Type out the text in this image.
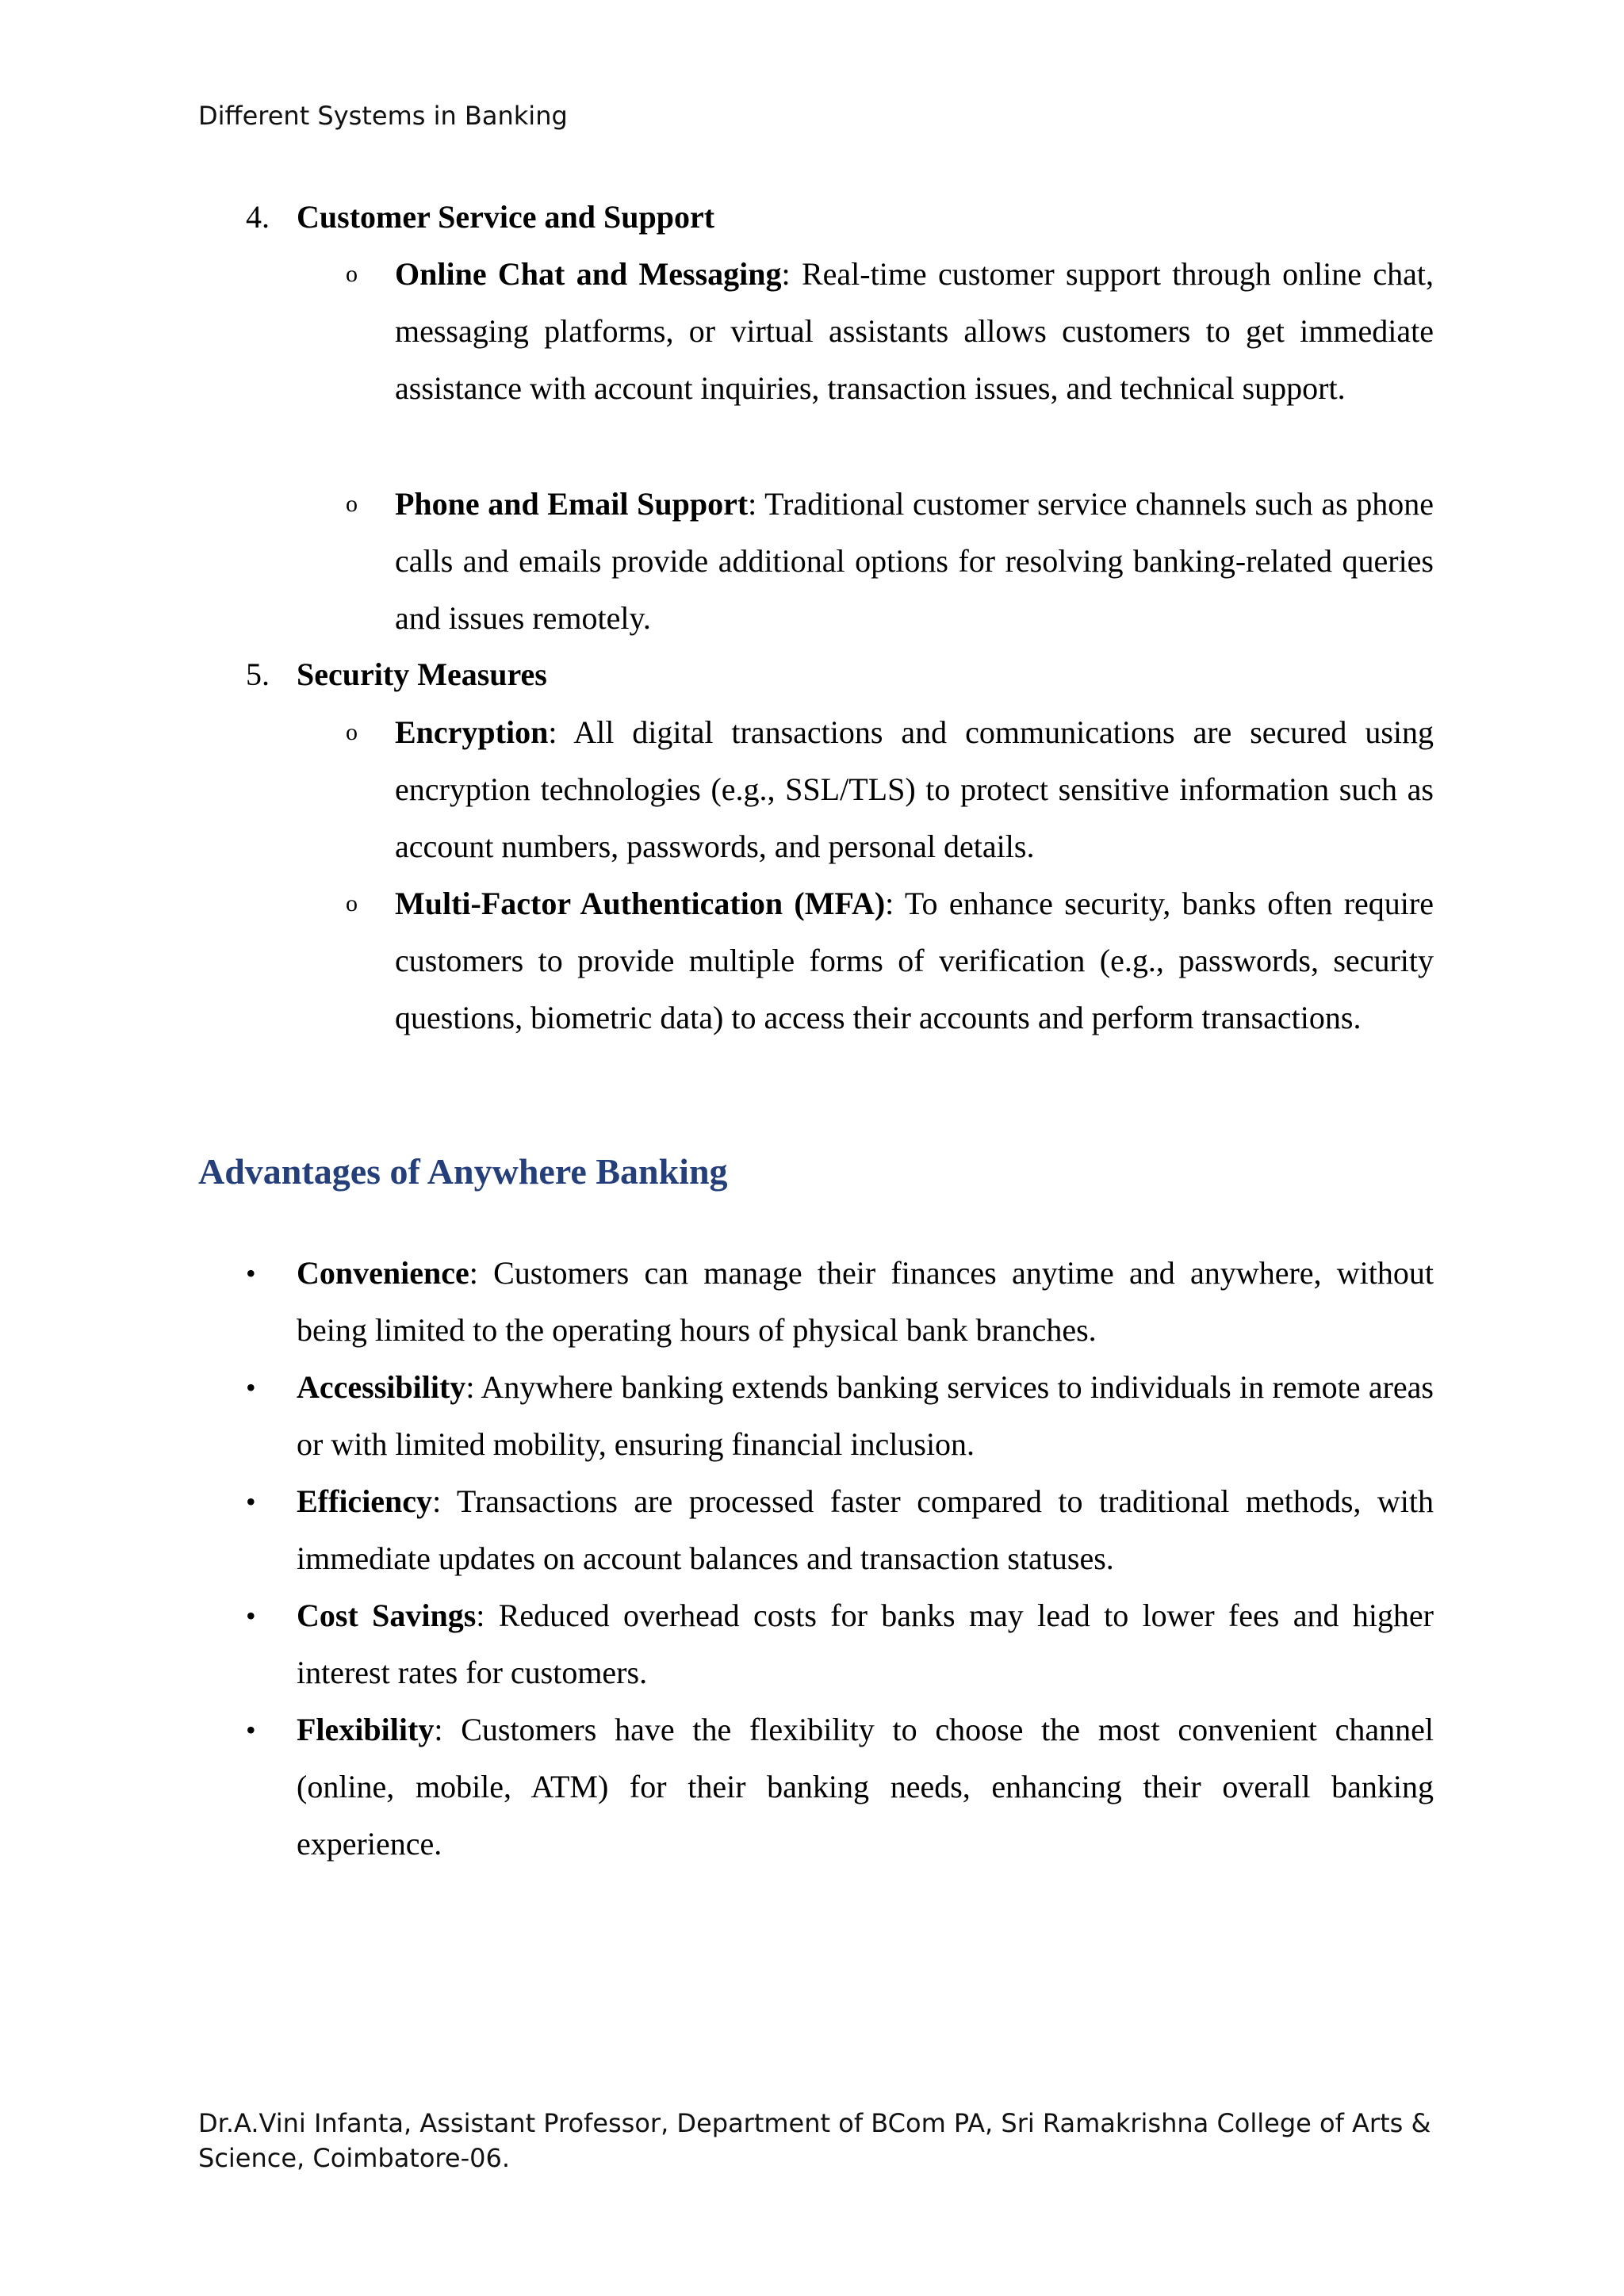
Different Systems in Banking
4. Customer Service and Support
o Online Chat and Messaging: Real-time customer support through online chat, messaging platforms, or virtual assistants allows customers to get immediate assistance with account inquiries, transaction issues, and technical support.
o Phone and Email Support: Traditional customer service channels such as phone calls and emails provide additional options for resolving banking-related queries and issues remotely.
5. Security Measures
o Encryption: All digital transactions and communications are secured using encryption technologies (e.g., SSL/TLS) to protect sensitive information such as account numbers, passwords, and personal details.
o Multi-Factor Authentication (MFA): To enhance security, banks often require customers to provide multiple forms of verification (e.g., passwords, security questions, biometric data) to access their accounts and perform transactions.
Advantages of Anywhere Banking
• Convenience: Customers can manage their finances anytime and anywhere, without being limited to the operating hours of physical bank branches.
• Accessibility: Anywhere banking extends banking services to individuals in remote areas or with limited mobility, ensuring financial inclusion.
• Efficiency: Transactions are processed faster compared to traditional methods, with immediate updates on account balances and transaction statuses.
• Cost Savings: Reduced overhead costs for banks may lead to lower fees and higher interest rates for customers.
• Flexibility: Customers have the flexibility to choose the most convenient channel (online, mobile, ATM) for their banking needs, enhancing their overall banking experience.
Dr.A.Vini Infanta, Assistant Professor, Department of BCom PA, Sri Ramakrishna College of Arts & Science, Coimbatore-06.
